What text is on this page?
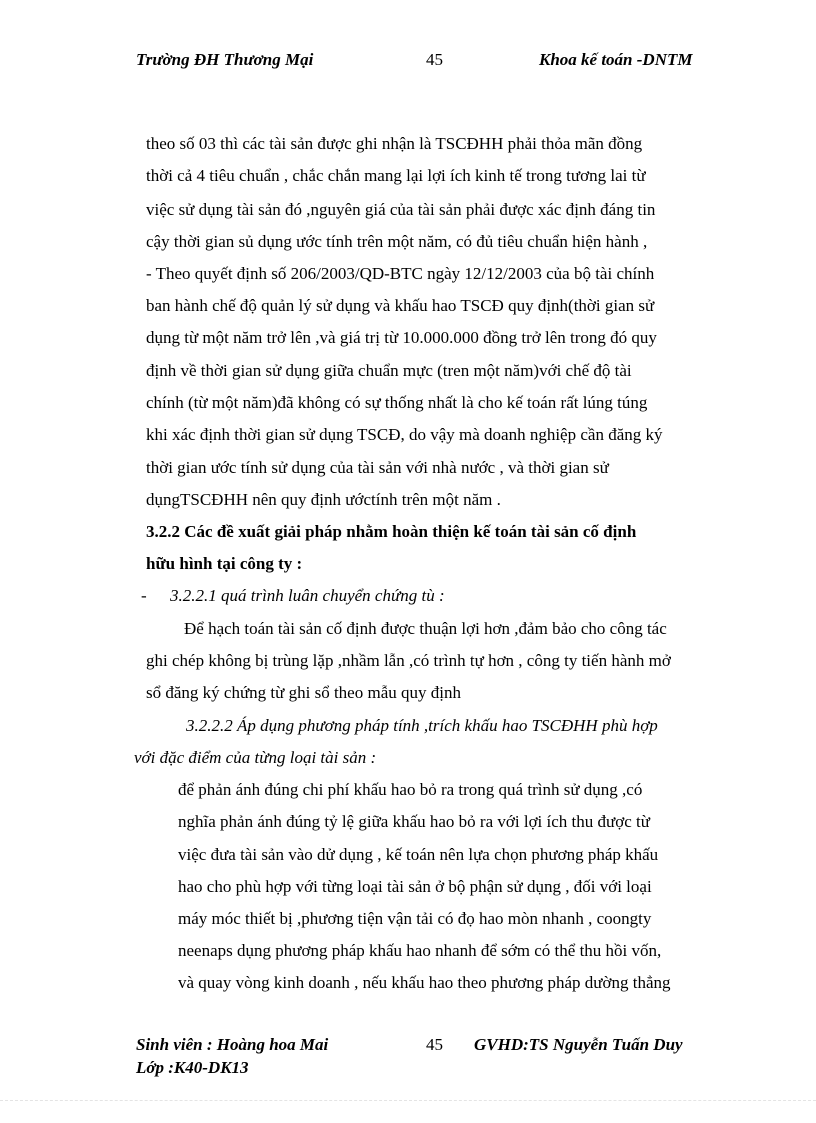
Trường ĐH Thương Mại	45	Khoa kế toán -DNTM
theo số 03 thì các tài sản được ghi nhận là TSCĐHH phải thỏa mãn đồng
thời cả 4 tiêu chuẩn , chắc chắn mang lại lợi ích kinh tế trong tương lai từ
việc sử dụng tài sản đó ,nguyên giá của tài sản phải được xác định đáng tin
cậy thời gian sủ dụng ước tính trên một năm, có đủ tiêu chuẩn hiện hành ,
- Theo quyết định số 206/2003/QD-BTC ngày 12/12/2003 của bộ tài chính
ban hành chế độ quản lý sử dụng và khấu hao TSCĐ quy định(thời gian sử
dụng từ một năm trở lên ,và giá trị từ 10.000.000 đồng trở lên trong đó quy
định về thời gian sử dụng giữa chuẩn mực (tren một năm)với chế độ tài
chính (từ một năm)đã không có sự thống nhất là cho kế toán rất lúng túng
khi xác định thời gian sử dụng TSCĐ, do vậy mà doanh nghiệp cần đăng ký
thời gian ước tính sử dụng của tài sản với nhà nước , và thời gian sử
dụngTSCĐHH nên quy định ướctính trên một năm .
3.2.2 Các đề xuất giải pháp nhằm hoàn thiện kế toán tài sản cố định
hữu hình tại công ty :
- 3.2.2.1 quá trình luân chuyển chứng tù :
Để hạch toán tài sản cố định được thuận lợi hơn ,đảm bảo cho công tác
ghi chép không bị trùng lặp ,nhầm lẫn ,có trình tự hơn , công ty tiến hành mở
sổ đăng ký chứng từ ghi sổ theo mẫu quy định
3.2.2.2 Áp dụng phương pháp tính ,trích khấu hao TSCĐHH phù hợp
với đặc điểm của từng loại tài sản :
để phản ánh đúng chi phí khấu hao bỏ ra trong quá trình sử dụng ,có
nghĩa phản ánh đúng tỷ lệ giữa khấu hao bỏ ra với lợi ích thu được từ
việc đưa tài sản vào dử dụng , kế toán nên lựa chọn phương pháp khấu
hao cho phù hợp với từng loại tài sản ở bộ phận sử dụng , đối với loại
máy móc thiết bị ,phương tiện vận tải có đọ hao mòn nhanh , coongty
neenaps dụng phương pháp khấu hao nhanh để sớm có thể thu hồi vốn,
và quay vòng kinh doanh , nếu khấu hao theo phương pháp dường thẳng
Sinh viên : Hoàng hoa Mai	45 GVHD:TS Nguyễn Tuấn Duy
Lớp :K40-DK13
